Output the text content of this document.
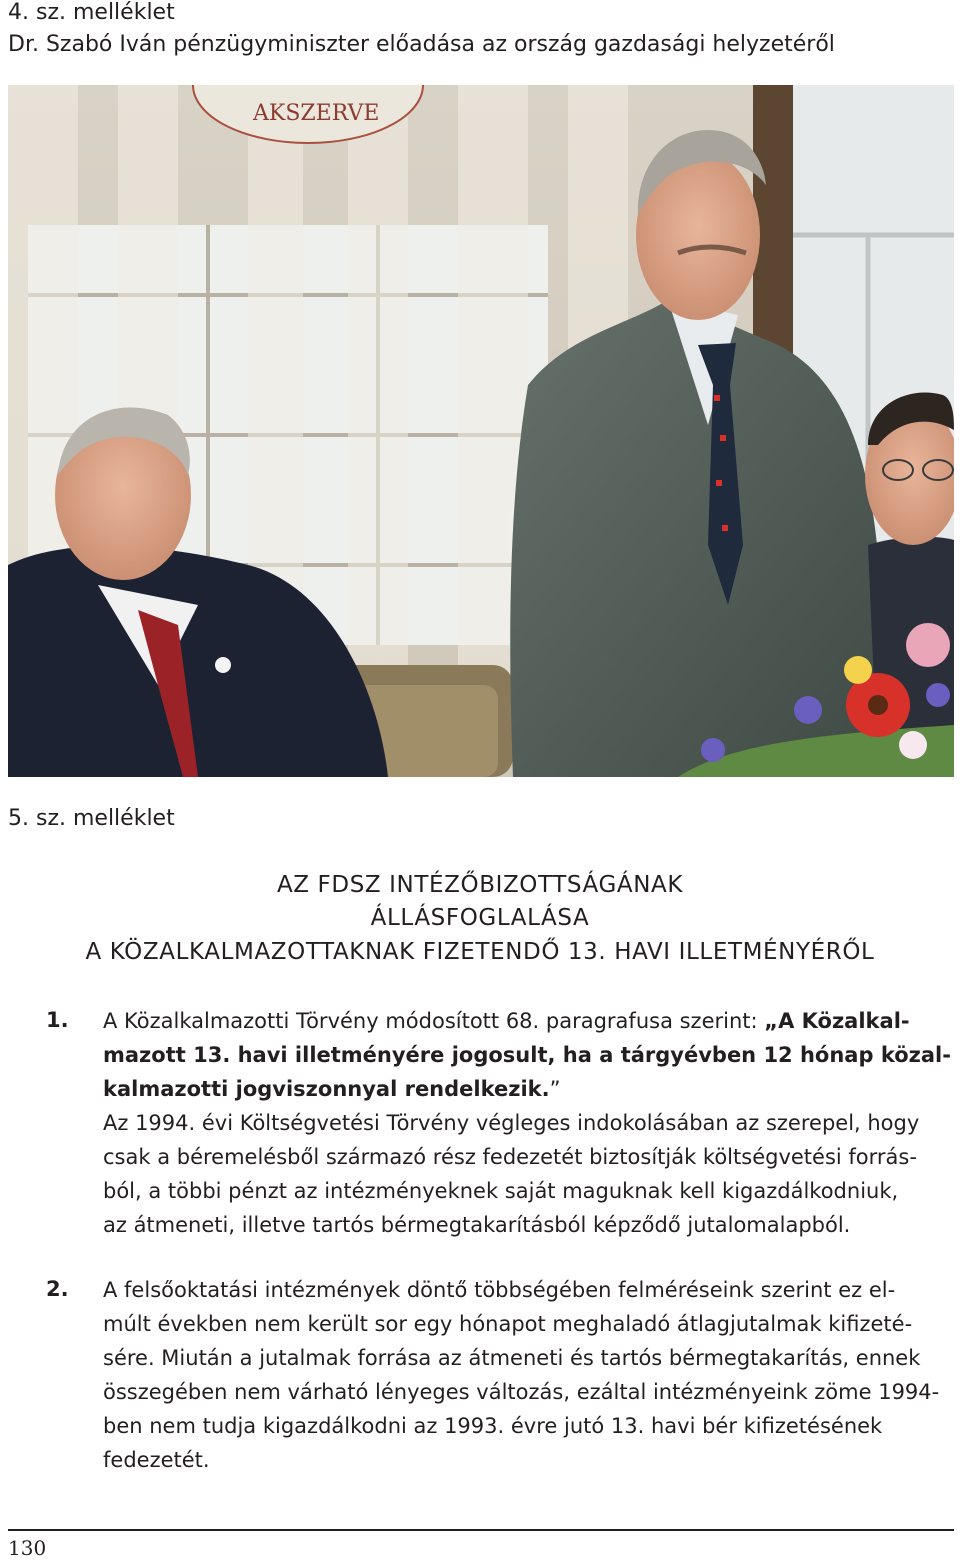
4. sz. melléklet
Dr. Szabó Iván pénzügyminiszter előadása az ország gazdasági helyzetéről
AKSZERVE
5. sz. melléklet
AZ FDSZ INTÉZŐBIZOTTSÁGÁNAK
ÁLLÁSFOGLALÁSA
A KÖZALKALMAZOTTAKNAK FIZETENDŐ 13. HAVI ILLETMÉNYÉRŐL
1. A Közalkalmazotti Törvény módosított 68. paragrafusa szerint: „A Közalkal-
mazott 13. havi illetményére jogosult, ha a tárgyévben 12 hónap közal-
kalmazotti jogviszonnyal rendelkezik.”
Az 1994. évi Költségvetési Törvény végleges indokolásában az szerepel, hogy
csak a béremelésből származó rész fedezetét biztosítják költségvetési forrás-
ból, a többi pénzt az intézményeknek saját maguknak kell kigazdálkodniuk,
az átmeneti, illetve tartós bérmegtakarításból képződő jutalomalapból.
2. A felsőoktatási intézmények döntő többségében felméréseink szerint ez el-
múlt években nem került sor egy hónapot meghaladó átlagjutalmak kifizeté-
sére. Miután a jutalmak forrása az átmeneti és tartós bérmegtakarítás, ennek
összegében nem várható lényeges változás, ezáltal intézményeink zöme 1994-
ben nem tudja kigazdálkodni az 1993. évre jutó 13. havi bér kifizetésének
fedezetét.
130
